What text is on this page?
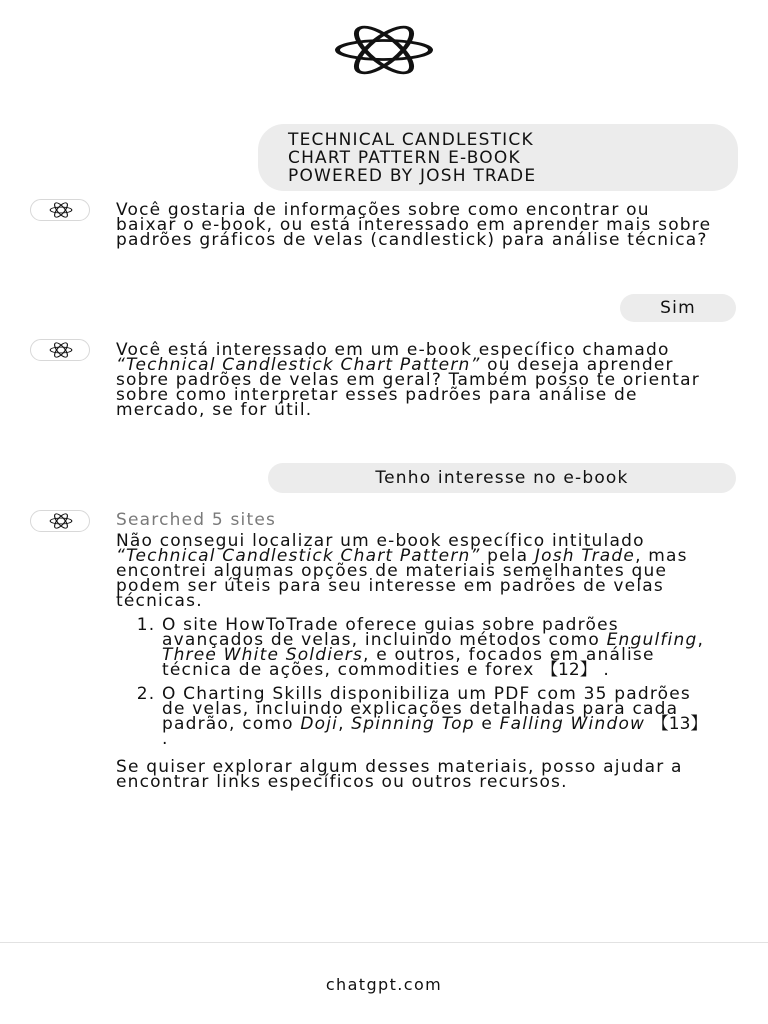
TECHNICAL CANDLESTICK
CHART PATTERN E-BOOK
POWERED BY JOSH TRADE

Você gostaria de informações sobre como encontrar ou baixar o e-book, ou está interessado em aprender mais sobre padrões gráficos de velas (candlestick) para análise técnica?

Sim

Você está interessado em um e-book específico chamado “Technical Candlestick Chart Pattern” ou deseja aprender sobre padrões de velas em geral? Também posso te orientar sobre como interpretar esses padrões para análise de mercado, se for útil.

Tenho interesse no e-book

Searched 5 sites

Não consegui localizar um e-book específico intitulado “Technical Candlestick Chart Pattern” pela Josh Trade, mas encontrei algumas opções de materiais semelhantes que podem ser úteis para seu interesse em padrões de velas técnicas.

1. O site HowToTrade oferece guias sobre padrões avançados de velas, incluindo métodos como Engulfing, Three White Soldiers, e outros, focados em análise técnica de ações, commodities e forex 【12】 .
2. O Charting Skills disponibiliza um PDF com 35 padrões de velas, incluindo explicações detalhadas para cada padrão, como Doji, Spinning Top e Falling Window 【13】 .

Se quiser explorar algum desses materiais, posso ajudar a encontrar links específicos ou outros recursos.

chatgpt.com
